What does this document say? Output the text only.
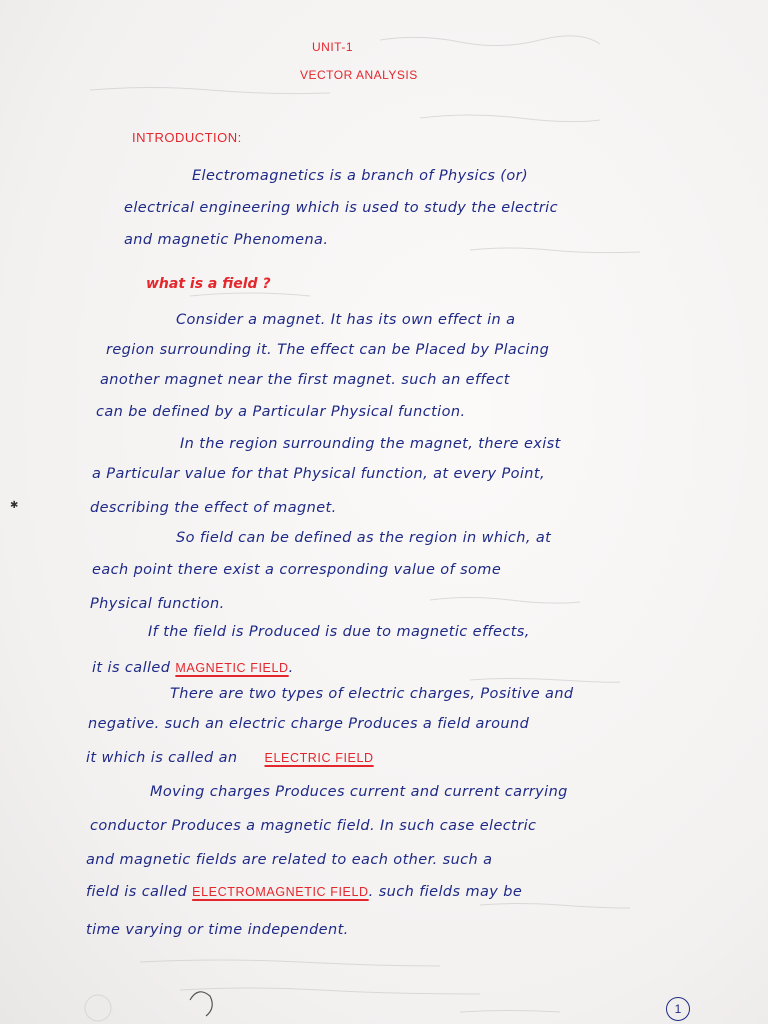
✱
UNIT-1
VECTOR ANALYSIS
INTRODUCTION:
Electromagnetics is a branch of Physics (or)
electrical engineering which is used to study the electric
and magnetic Phenomena.
what is a field ?
Consider a magnet. It has its own effect in a
region surrounding it. The effect can be Placed by Placing
another magnet near the first magnet. such an effect
can be defined by a Particular Physical function.
In the region surrounding the magnet, there exist
a Particular value for that Physical function, at every Point,
describing the effect of magnet.
So field can be defined as the region in which, at
each point there exist a corresponding value of some
Physical function.
If the field is Produced is due to magnetic effects,
it is called MAGNETIC FIELD.
There are two types of electric charges, Positive and
negative. such an electric charge Produces a field around
it which is called an ELECTRIC FIELD
Moving charges Produces current and current carrying
conductor Produces a magnetic field. In such case electric
and magnetic fields are related to each other. such a
field is called ELECTROMAGNETIC FIELD. such fields may be
time varying or time independent.
1
